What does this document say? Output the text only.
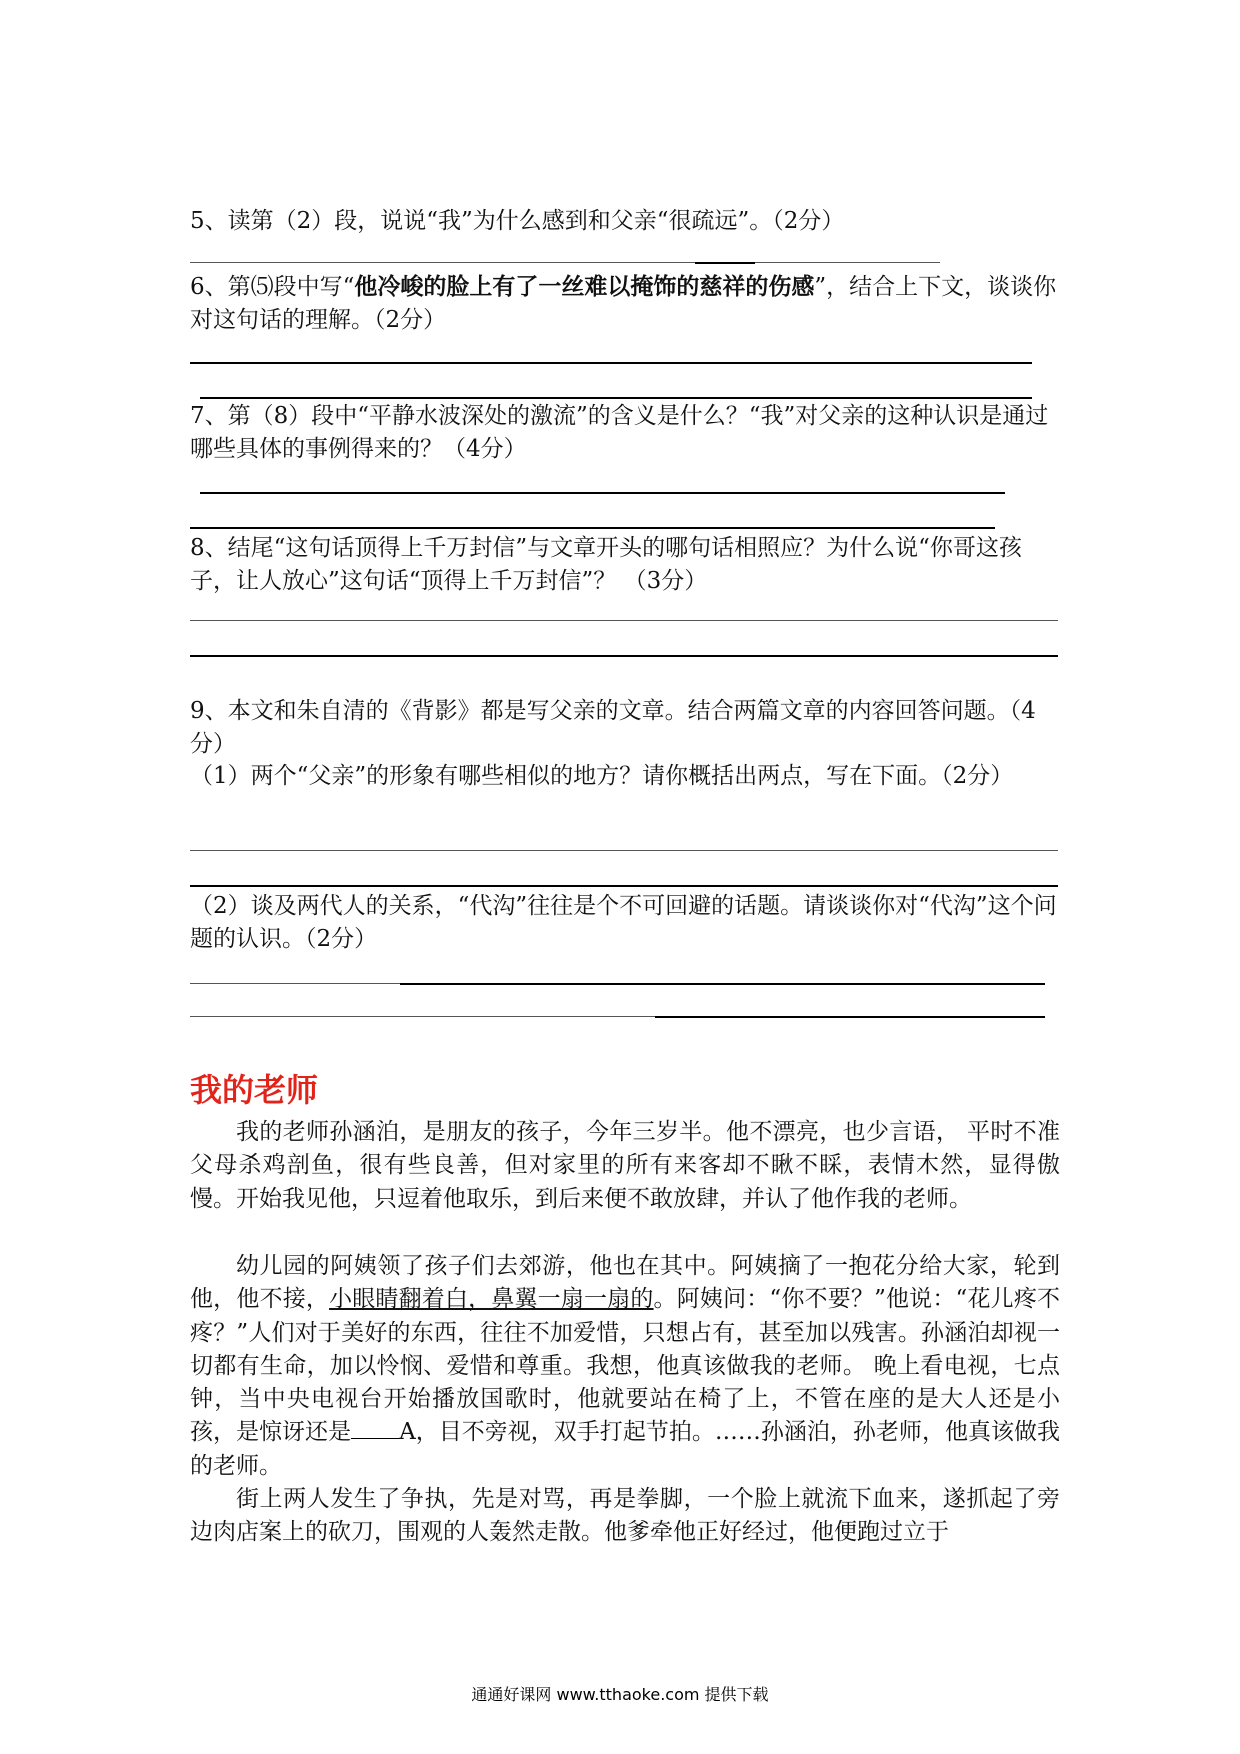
5、读第（2）段，说说“我”为什么感到和父亲“很疏远”。（2分）
6、第⑸段中写“他冷峻的脸上有了一丝难以掩饰的慈祥的伤感”，结合上下文，谈谈你对这句话的理解。（2分）
7、第（8）段中“平静水波深处的激流”的含义是什么？“我”对父亲的这种认识是通过哪些具体的事例得来的？（4分）
8、结尾“这句话顶得上千万封信”与文章开头的哪句话相照应？为什么说“你哥这孩子，让人放心”这句话“顶得上千万封信”？ （3分）
9、本文和朱自清的《背影》都是写父亲的文章。结合两篇文章的内容回答问题。（4分）
（1）两个“父亲”的形象有哪些相似的地方？请你概括出两点，写在下面。（2分）
（2）谈及两代人的关系，“代沟”往往是个不可回避的话题。请谈谈你对“代沟”这个问题的认识。（2分）
我的老师
我的老师孙涵泊，是朋友的孩子，今年三岁半。他不漂亮，也少言语， 平时不准父母杀鸡剖鱼，很有些良善，但对家里的所有来客却不瞅不睬，表情木然，显得傲慢。开始我见他，只逗着他取乐，到后来便不敢放肆，并认了他作我的老师。
幼儿园的阿姨领了孩子们去郊游，他也在其中。阿姨摘了一抱花分给大家，轮到他，他不接，小眼睛翻着白，鼻翼一扇一扇的。阿姨问：“你不要？”他说：“花儿疼不疼？”人们对于美好的东西，往往不加爱惜，只想占有，甚至加以残害。孙涵泊却视一切都有生命，加以怜悯、爱惜和尊重。我想，他真该做我的老师。 晚上看电视，七点钟，当中央电视台开始播放国歌时，他就要站在椅了上，不管在座的是大人还是小孩，是惊讶还是 A，目不旁视，双手打起节拍。……孙涵泊，孙老师，他真该做我的老师。
街上两人发生了争执，先是对骂，再是拳脚，一个脸上就流下血来，遂抓起了旁边肉店案上的砍刀，围观的人轰然走散。他爹牵他正好经过，他便跑过立于
通通好课网 www.tthaoke.com 提供下载
